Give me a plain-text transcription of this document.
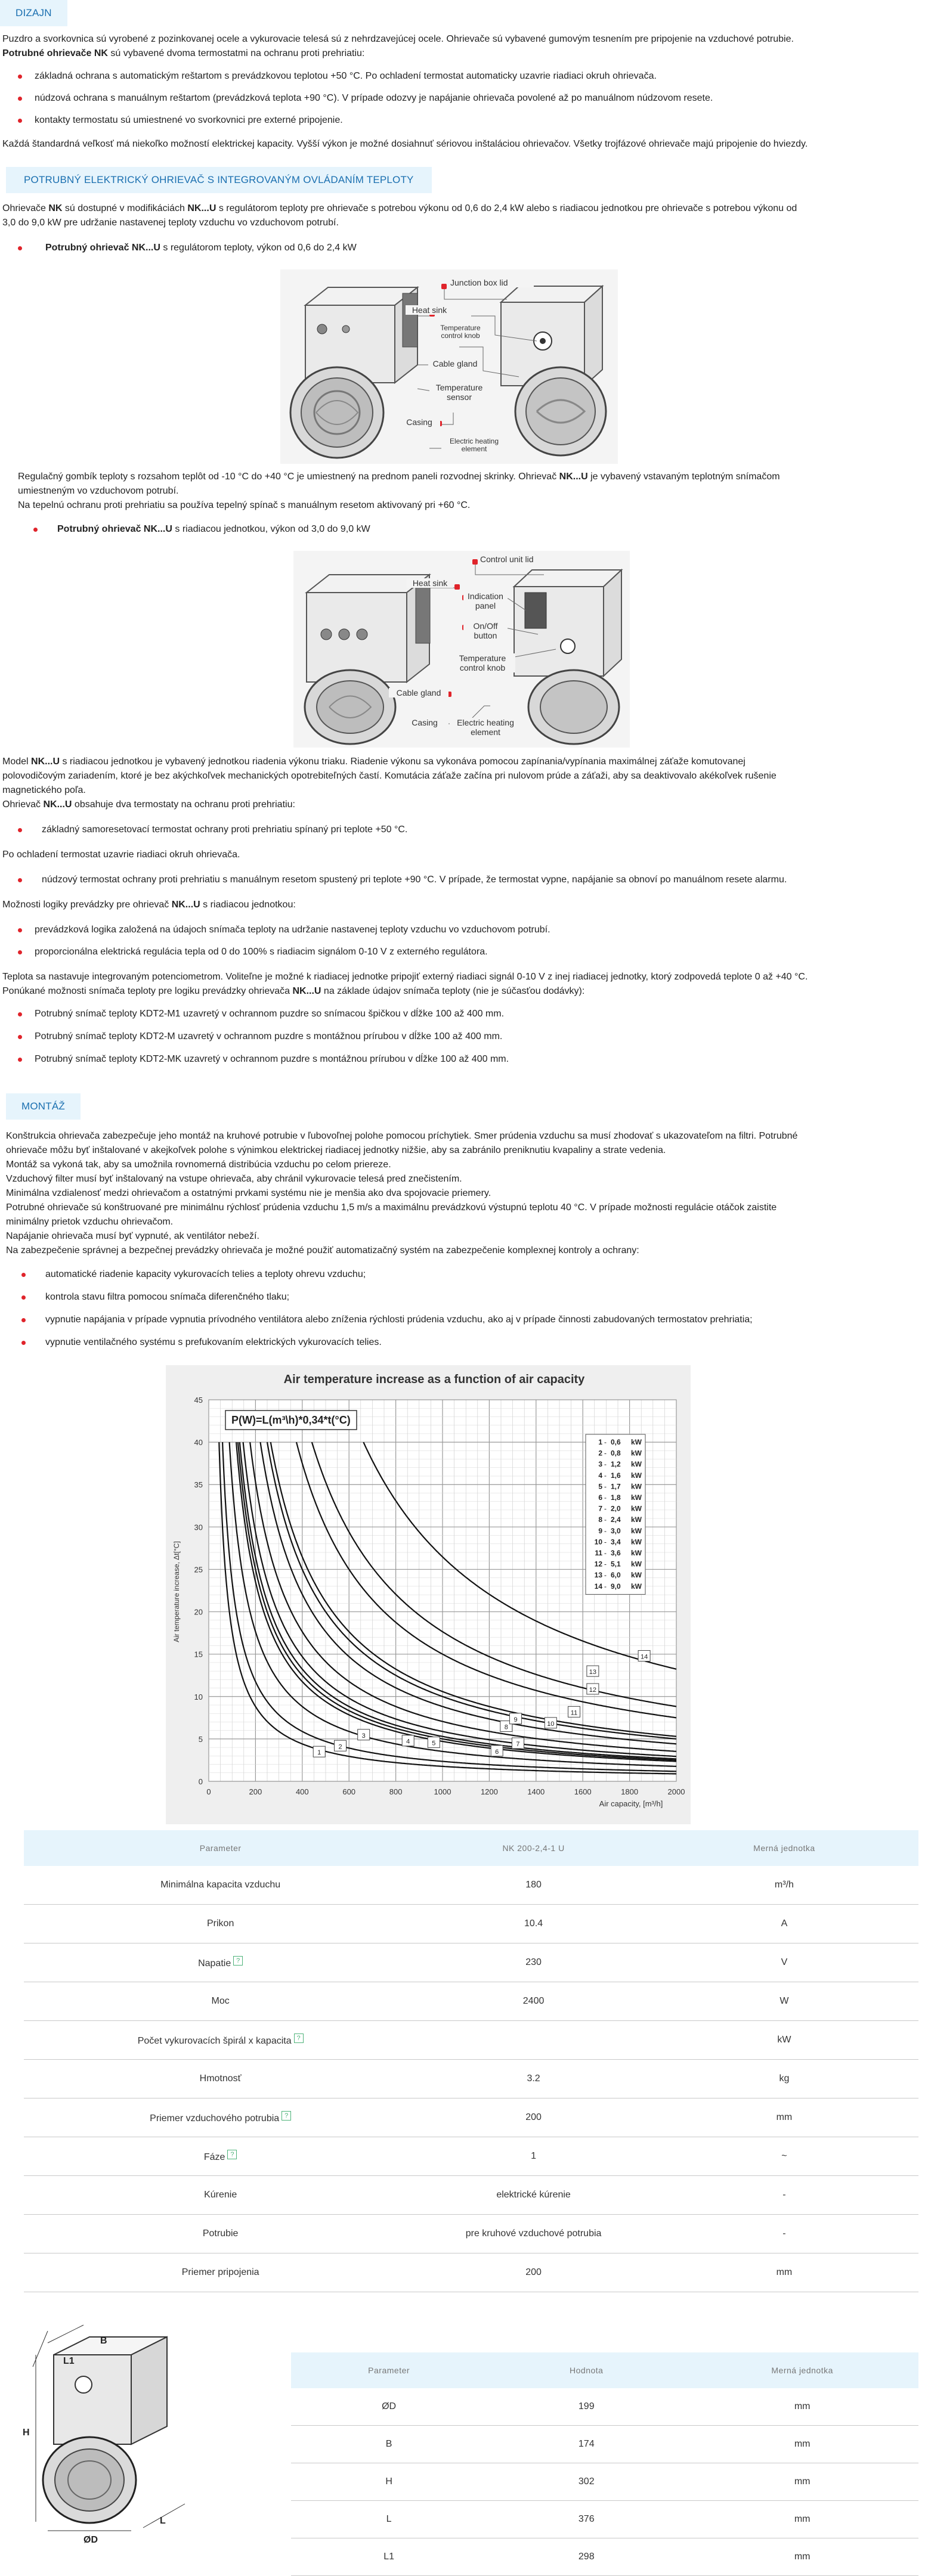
DIZAJN

Puzdro a svorkovnica sú vyrobené z pozinkovanej ocele a vykurovacie telesá sú z nehrdzavejúcej ocele. Ohrievače sú vybavené gumovým tesnením pre pripojenie na vzduchové potrubie.

Potrubné ohrievače NK sú vybavené dvoma termostatmi na ochranu proti prehriatiu:

základná ochrana s automatickým reštartom s prevádzkovou teplotou +50 °C. Po ochladení termostat automaticky uzavrie riadiaci okruh ohrievača.
núdzová ochrana s manuálnym reštartom (prevádzková teplota +90 °C). V prípade odozvy je napájanie ohrievača povolené až po manuálnom núdzovom resete.
kontakty termostatu sú umiestnené vo svorkovnici pre externé pripojenie.

Každá štandardná veľkosť má niekoľko možností elektrickej kapacity. Vyšší výkon je možné dosiahnuť sériovou inštaláciou ohrievačov. Všetky trojfázové ohrievače majú pripojenie do hviezdy.

POTRUBNÝ ELEKTRICKÝ OHRIEVAČ S INTEGROVANÝM OVLÁDANÍM TEPLOTY

Ohrievače NK sú dostupné v modifikáciách NK...U s regulátorom teploty pre ohrievače s potrebou výkonu od 0,6 do 2,4 kW alebo s riadiacou jednotkou pre ohrievače s potrebou výkonu od

3,0 do 9,0 kW pre udržanie nastavenej teploty vzduchu vo vzduchovom potrubí.

Potrubný ohrievač NK...U s regulátorom teploty, výkon od 0,6 do 2,4 kW
Junction box lid
Heat sink
Temperature control knob
Cable gland
Temperature sensor
Casing
Electric heating element

Regulačný gombík teploty s rozsahom teplôt od -10 °C do +40 °C je umiestnený na prednom paneli rozvodnej skrinky. Ohrievač NK...U je vybavený vstavaným teplotným snímačom

umiestneným vo vzduchovom potrubí.

Na tepelnú ochranu proti prehriatiu sa používa tepelný spínač s manuálnym resetom aktivovaný pri +60 °C.

Potrubný ohrievač NK...U s riadiacou jednotkou, výkon od 3,0 do 9,0 kW
Control unit lid
Heat sink
Indication panel
On/Off button
Temperature control knob
Cable gland
Casing	Electric heating element

Model NK...U s riadiacou jednotkou je vybavený jednotkou riadenia výkonu triaku. Riadenie výkonu sa vykonáva pomocou zapínania/vypínania maximálnej záťaže komutovanej

polovodičovým zariadením, ktoré je bez akýchkoľvek mechanických opotrebiteľných častí. Komutácia záťaže začína pri nulovom prúde a záťaži, aby sa deaktivovalo akékoľvek rušenie

magnetického poľa.

Ohrievač NK...U obsahuje dva termostaty na ochranu proti prehriatiu:

základný samoresetovací termostat ochrany proti prehriatiu spínaný pri teplote +50 °C.

Po ochladení termostat uzavrie riadiaci okruh ohrievača.

núdzový termostat ochrany proti prehriatiu s manuálnym resetom spustený pri teplote +90 °C. V prípade, že termostat vypne, napájanie sa obnoví po manuálnom resete alarmu.

Možnosti logiky prevádzky pre ohrievač NK...U s riadiacou jednotkou:

prevádzková logika založená na údajoch snímača teploty na udržanie nastavenej teploty vzduchu vo vzduchovom potrubí.
proporcionálna elektrická regulácia tepla od 0 do 100% s riadiacim signálom 0-10 V z externého regulátora.

Teplota sa nastavuje integrovaným potenciometrom. Voliteľne je možné k riadiacej jednotke pripojiť externý riadiaci signál 0-10 V z inej riadiacej jednotky, ktorý zodpovedá teplote 0 až +40 °C.

Ponúkané možnosti snímača teploty pre logiku prevádzky ohrievača NK...U na základe údajov snímača teploty (nie je súčasťou dodávky):

Potrubný snímač teploty KDT2-M1 uzavretý v ochrannom puzdre so snímacou špičkou v dĺžke 100 až 400 mm.
Potrubný snímač teploty KDT2-M uzavretý v ochrannom puzdre s montážnou prírubou v dĺžke 100 až 400 mm.
Potrubný snímač teploty KDT2-MK uzavretý v ochrannom puzdre s montážnou prírubou v dĺžke 100 až 400 mm.
MONTÁŽ

Konštrukcia ohrievača zabezpečuje jeho montáž na kruhové potrubie v ľubovoľnej polohe pomocou príchytiek. Smer prúdenia vzduchu sa musí zhodovať s ukazovateľom na filtri. Potrubné

ohrievače môžu byť inštalované v akejkoľvek polohe s výnimkou elektrickej riadiacej jednotky nižšie, aby sa zabránilo preniknutiu kvapaliny a strate vedenia.

Montáž sa vykoná tak, aby sa umožnila rovnomerná distribúcia vzduchu po celom priereze.

Vzduchový filter musí byť inštalovaný na vstupe ohrievača, aby chránil vykurovacie telesá pred znečistením.

Minimálna vzdialenosť medzi ohrievačom a ostatnými prvkami systému nie je menšia ako dva spojovacie priemery.

Potrubné ohrievače sú konštruované pre minimálnu rýchlosť prúdenia vzduchu 1,5 m/s a maximálnu prevádzkovú výstupnú teplotu 40 °C. V prípade možnosti regulácie otáčok zaistite

minimálny prietok vzduchu ohrievačom.

Napájanie ohrievača musí byť vypnuté, ak ventilátor nebeží.

Na zabezpečenie správnej a bezpečnej prevádzky ohrievača je možné použiť automatizačný systém na zabezpečenie komplexnej kontroly a ochrany:

automatické riadenie kapacity vykurovacích telies a teploty ohrevu vzduchu;
kontrola stavu filtra pomocou snímača diferenčného tlaku;
vypnutie napájania v prípade vypnutia prívodného ventilátora alebo zníženia rýchlosti prúdenia vzduchu, ako aj v prípade činnosti zabudovaných termostatov prehriatia;
vypnutie ventilačného systému s prefukovaním elektrických vykurovacích telies.
Air temperature increase as a function of air capacity
0	200	400	600	800	1000	1200	1400	1600	1800	2000
0
5
10
15
20
25
30
35
40
45
1
2
3
4	5
6
7
8
9
10
11
12
13
14
P(W)=L(m³\h)*0,34*t(°C)
1 - 0,6 kW
2 - 0,8 kW
3 - 1,2 kW
4 - 1,6 kW
5 - 1,7 kW
6 - 1,8 kW
7 - 2,0 kW
8 - 2,4 kW
9 - 3,0 kW
10 - 3,4 kW
11 - 3,6 kW
12 - 5,1 kW
13 - 6,0 kW
14 - 9,0 kW
Air temperature increase, Δt[°C]
Air capacity, [m³/h]
Parameter	NK 200-2,4-1 U	Merná jednotka
Minimálna kapacita vzduchu	180	m³/h
Prikon	10.4	A
Napatie ?	230	V
Moc	2400	W
Počet vykurovacích špirál x kapacita ?		kW
Hmotnosť	3.2	kg
Priemer vzduchového potrubia ?	200	mm
Fáze ?	1	~
Kúrenie	elektrické kúrenie	-
Potrubie	pre kruhové vzduchové potrubia	-
Priemer pripojenia	200	mm
B
L1
H
ØD
L
Parameter	Hodnota	Merná jednotka
ØD	199	mm
B	174	mm
H	302	mm
L	376	mm
L1	298	mm
